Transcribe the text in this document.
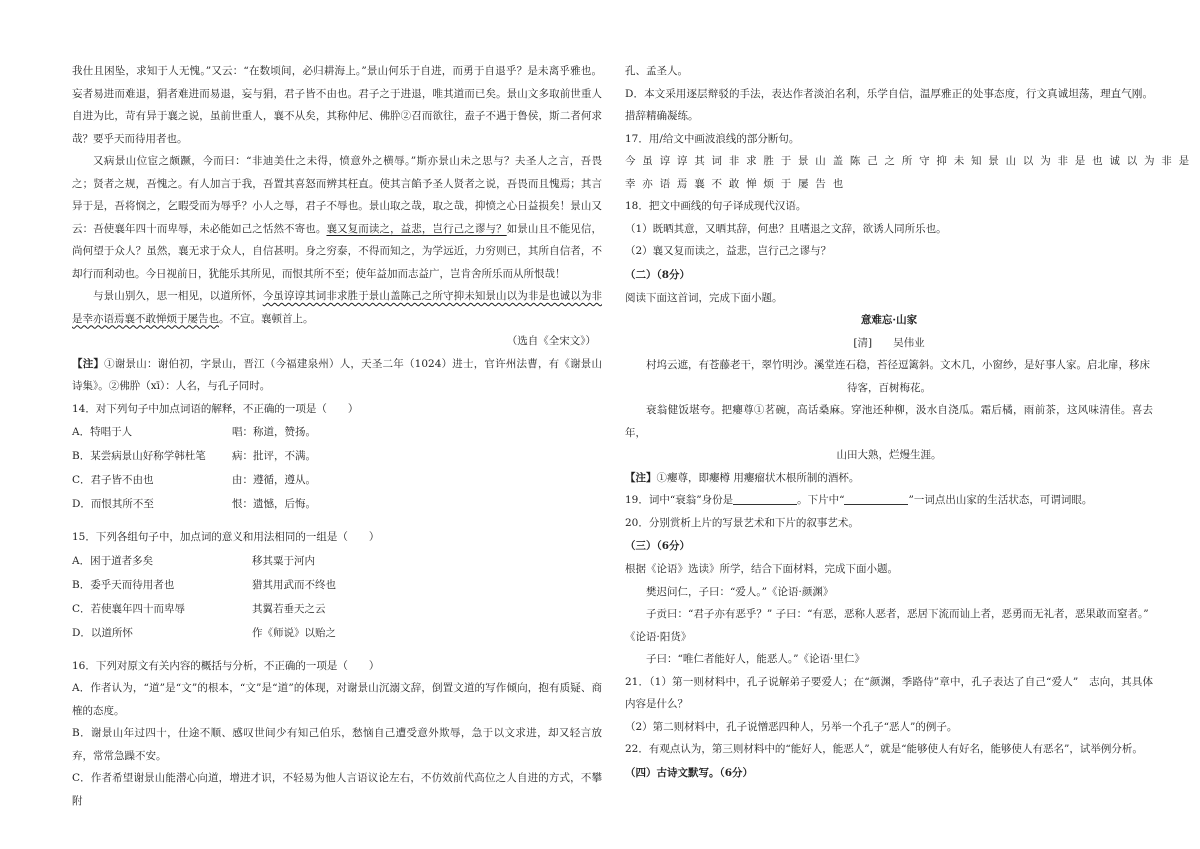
我仕且困坠，求知于人无愧。”又云：“在数顷间，必归耕海上。”景山何乐于自进，而勇于自退乎？是未离乎雅也。妄者易进而难退，狷者难进而易退，妄与狷，君子皆不由也。君子之于进退，唯其道而已矣。景山文多取前世重人自进为比，苛有异于襄之说，虽前世重人，襄不从矣，其称仲尼、佛肸②召而欲往，盍子不遇于鲁侯，斯二者何求哉？要乎天而待用者也。

又病景山位宦之颇蹶，今而曰：“非迪美仕之未得，愤意外之横辱。”斯亦景山未之思与？夫圣人之言，吾畏之；贤者之规，吾愧之。有人加言于我，吾置其喜怒而辨其枉直。使其言餡予圣人贤者之说，吾畏而且愧焉；其言异于是，吾将悯之，乞暇受而为辱乎？小人之辱，君子不辱也。景山取之哉，取之哉，抑愤之心日益损矣！景山又云：吾使襄年四十而卑辱，未必能如己之恬然不寄也。襄又复而读之，益悲，岂行己之谬与？如景山且不能见信，尚何望于众人？虽然，襄无求于众人，自信甚明。身之穷泰，不得而知之，为学远近，力穷则已，其所自信者，不却行而利动也。今日视前日，犹能乐其所见，而恨其所不至；使年益加而志益广，岂肯舍所乐而从所恨哉！

与景山别久，思一相见，以道所怀，今虽谆谆其词非求胜于景山盖陈己之所守抑未知景山以为非是也诚以为非是幸亦语焉襄不敢惮烦于屡告也。不宣。襄顿首上。

（选自《全宋文》）

【注】①谢景山：谢伯初，字景山，晋江（今福建泉州）人，天圣二年（1024）进士，官许州法曹，有《谢景山诗集》。②佛肸（xī）：人名，与孔子同时。

14．对下列句子中加点词语的解释，不正确的一项是（　　）

A．特唱于人	唱：称道，赞扬。
B．某尝病景山好称学韩杜笔	病：批评，不满。
C．君子皆不由也	由：遵循，遵从。
D．而恨其所不至	恨：遗憾，后悔。

15．下列各组句子中，加点词的意义和用法相同的一组是（　　）

A．困于道者多矣	移其粟于河内
B．委乎天而待用者也	猎其用武而不终也
C．若使襄年四十而卑辱	其翼若垂天之云
D．以道所怀	作《师说》以贻之

16．下列对原文有关内容的概括与分析，不正确的一项是（　　）

A．作者认为，“道”是“文”的根本，“文”是“道”的体现，对谢景山沉溺文辞，倒置文道的写作倾向，抱有质疑、商榷的态度。

B．谢景山年过四十，仕途不顺、感叹世间少有知己伯乐，愁恼自己遭受意外欺辱，急于以文求进，却又轻言放弃，常常急躁不安。

C．作者希望谢景山能潜心向道，增进才识，不轻易为他人言语议论左右，不仿效前代高位之人自进的方式，不攀附

孔、孟圣人。

D．本文采用逐层辩驳的手法，表达作者淡泊名利，乐学自信，温厚雅正的处事态度，行文真诚坦荡，理直气刚。措辞精确凝练。

17．用/给文中画波浪线的部分断句。

今虽谆谆其词非求胜于景山盖陈己之所守抑未知景山以为非是也诚以为非是

幸亦语焉襄不敢惮烦于屡告也

18．把文中画线的句子译成现代汉语。

（1）既晒其意，又晒其辞，何患？且嗜退之文辞，欲诱人同所乐也。

（2）襄又复而读之，益悲，岂行己之谬与？

（二）（8分）

阅读下面这首词，完成下面小题。

意难忘·山家

[清]　　吴伟业

村坞云遮，有苍藤老干，翠竹明沙。溪堂连石稳，苔径逗篱斜。文木几，小窗纱，是好事人家。启北扉，移床

待客，百树梅花。

衰翁健饭堪夸。把癭尊①茗碗，高话桑麻。穿池还种柳，汲水自浇瓜。霜后橘，雨前茶，这风味清佳。喜去年，

山田大熟，烂熳生涯。

【注】①癭尊，即癭樽 用癭瘤状木根所制的酒杯。

19．词中“衰翁”身份是	。下片中“	”一词点出山家的生活状态，可谓词眼。

20．分别赏析上片的写景艺术和下片的叙事艺术。

（三）（6分）

根据《论语》选读》所学，结合下面材料，完成下面小题。

樊迟问仁，子曰：“爱人。”《论语·颜渊》

子贡曰：“君子亦有恶乎？” 子曰：“有恶，恶称人恶者，恶居下流而讪上者，恶勇而无礼者，恶果敢而窒者。”

《论语·阳货》

子曰：“唯仁者能好人，能恶人。”《论语·里仁》

21．（1）第一则材料中，孔子说解弟子要爱人；在“颜渊，季路侍”章中，孔子表达了自己“爱人”　志向，其具体内容是什么？

（2）第二则材料中，孔子说憎恶四种人，另举一个孔子“恶人”的例子。

22．有观点认为，第三则材料中的“能好人，能恶人”，就是“能够使人有好名，能够使人有恶名”，试举例分析。

（四）古诗文默写。（6分）
